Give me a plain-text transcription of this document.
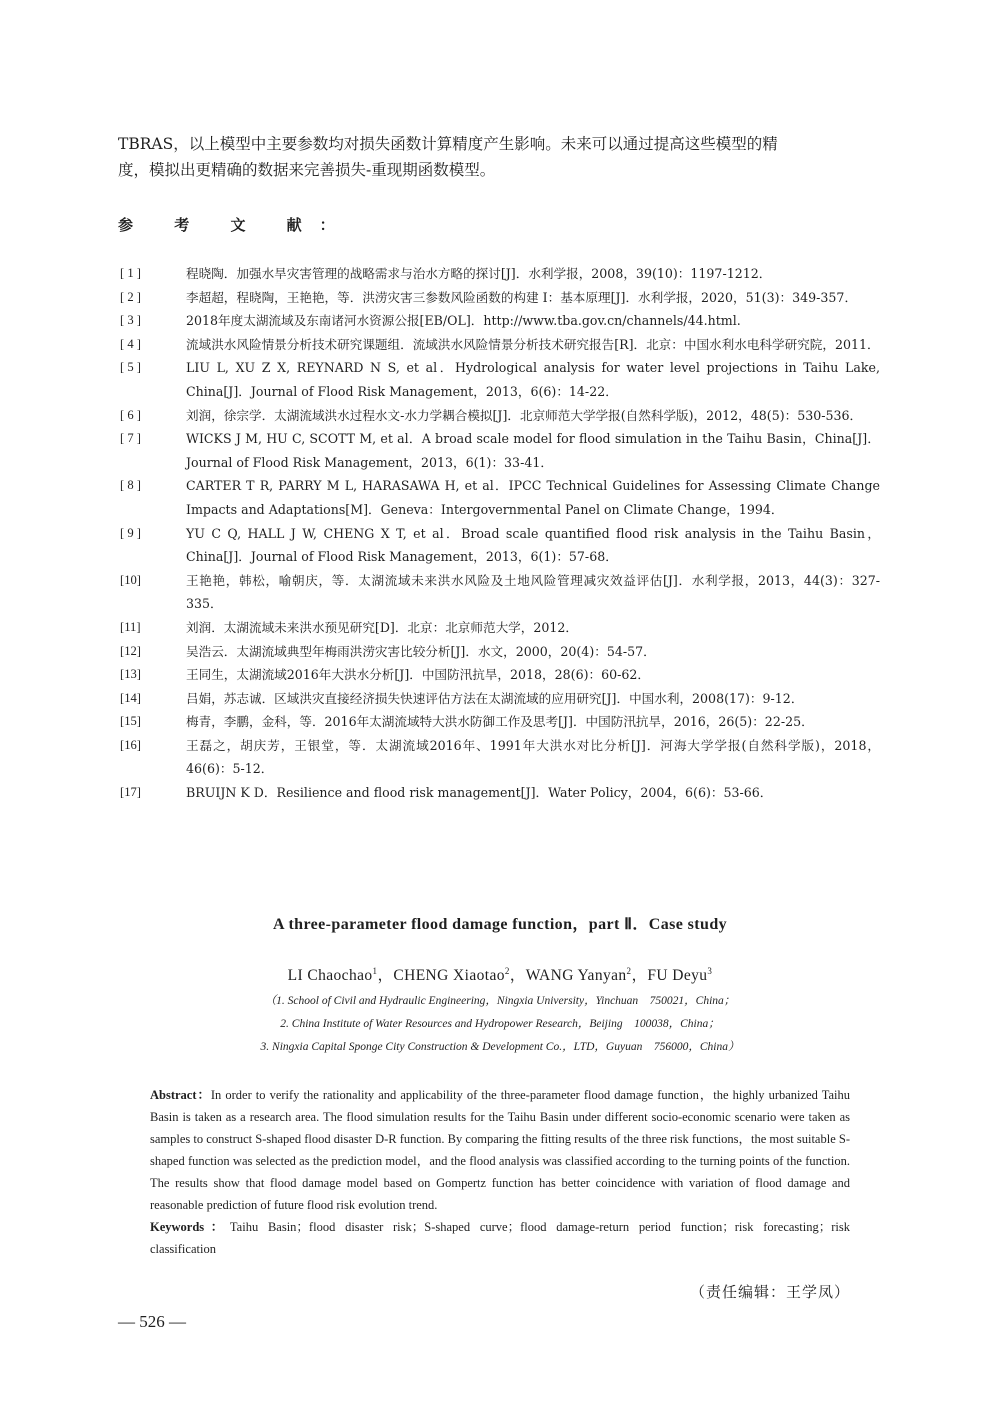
TBRAS，以上模型中主要参数均对损失函数计算精度产生影响。未来可以通过提高这些模型的精

度，模拟出更精确的数据来完善损失-重现期函数模型。

参 考 文 献：
[ 1 ]	程晓陶．加强水旱灾害管理的战略需求与治水方略的探讨[J]．水利学报，2008，39(10)：1197-1212．
[ 2 ]	李超超，程晓陶，王艳艳，等．洪涝灾害三参数风险函数的构建 Ⅰ：基本原理[J]．水利学报，2020，51(3)：349-357．
[ 3 ]	2018年度太湖流域及东南诸河水资源公报[EB/OL]．http://www.tba.gov.cn/channels/44.html.
[ 4 ]	流域洪水风险情景分析技术研究课题组．流域洪水风险情景分析技术研究报告[R]．北京：中国水利水电科学研究院，2011．
[ 5 ]	LIU L, XU Z X, REYNARD N S, et al．Hydrological analysis for water level projections in Taihu Lake, China[J]．Journal of Flood Risk Management，2013，6(6)：14-22．
[ 6 ]	刘润，徐宗学．太湖流域洪水过程水文-水力学耦合模拟[J]．北京师范大学学报(自然科学版)，2012，48(5)：530-536．
[ 7 ]	WICKS J M, HU C, SCOTT M, et al．A broad scale model for flood simulation in the Taihu Basin，China[J]．Journal of Flood Risk Management，2013，6(1)：33-41．
[ 8 ]	CARTER T R, PARRY M L, HARASAWA H, et al．IPCC Technical Guidelines for Assessing Climate Change Impacts and Adaptations[M]．Geneva：Intergovernmental Panel on Climate Change，1994．
[ 9 ]	YU C Q, HALL J W, CHENG X T, et al．Broad scale quantified flood risk analysis in the Taihu Basin，China[J]．Journal of Flood Risk Management，2013，6(1)：57-68．
[10]	王艳艳，韩松，喻朝庆，等．太湖流域未来洪水风险及土地风险管理减灾效益评估[J]．水利学报，2013，44(3)：327-335．
[11]	刘润．太湖流域未来洪水预见研究[D]．北京：北京师范大学，2012．
[12]	吴浩云．太湖流域典型年梅雨洪涝灾害比较分析[J]．水文，2000，20(4)：54-57．
[13]	王同生，太湖流域2016年大洪水分析[J]．中国防汛抗旱，2018，28(6)：60-62．
[14]	吕娟，苏志诚．区域洪灾直接经济损失快速评估方法在太湖流域的应用研究[J]．中国水利，2008(17)：9-12．
[15]	梅青，李鹏，金科，等．2016年太湖流域特大洪水防御工作及思考[J]．中国防汛抗旱，2016，26(5)：22-25．
[16]	王磊之，胡庆芳，王银堂，等．太湖流域2016年、1991年大洪水对比分析[J]．河海大学学报(自然科学版)，2018，46(6)：5-12．
[17]	BRUIJN K D．Resilience and flood risk management[J]．Water Policy，2004，6(6)：53-66．
A three-parameter flood damage function，part Ⅱ．Case study
LI Chaochao$^1$，CHENG Xiaotao$^2$，WANG Yanyan$^2$，FU Deyu$^3$
（1. School of Civil and Hydraulic Engineering，Ningxia University，Yinchuan　750021，China；
2. China Institute of Water Resources and Hydropower Research，Beijing　100038，China；
3. Ningxia Capital Sponge City Construction & Development Co.，LTD，Guyuan　756000，China）

Abstract：In order to verify the rationality and applicability of the three-parameter flood damage function，the highly urbanized Taihu Basin is taken as a research area. The flood simulation results for the Taihu Basin under different socio-economic scenario were taken as samples to construct S-shaped flood disaster D-R function. By comparing the fitting results of the three risk functions，the most suitable S-shaped function was selected as the prediction model，and the flood analysis was classified according to the turning points of the function. The results show that flood damage model based on Gompertz function has better coincidence with variation of flood damage and reasonable prediction of future flood risk evolution trend.

Keywords：Taihu Basin；flood disaster risk；S-shaped curve；flood damage-return period function；risk forecasting；risk classification

（责任编辑：王学凤）
— 526 —
